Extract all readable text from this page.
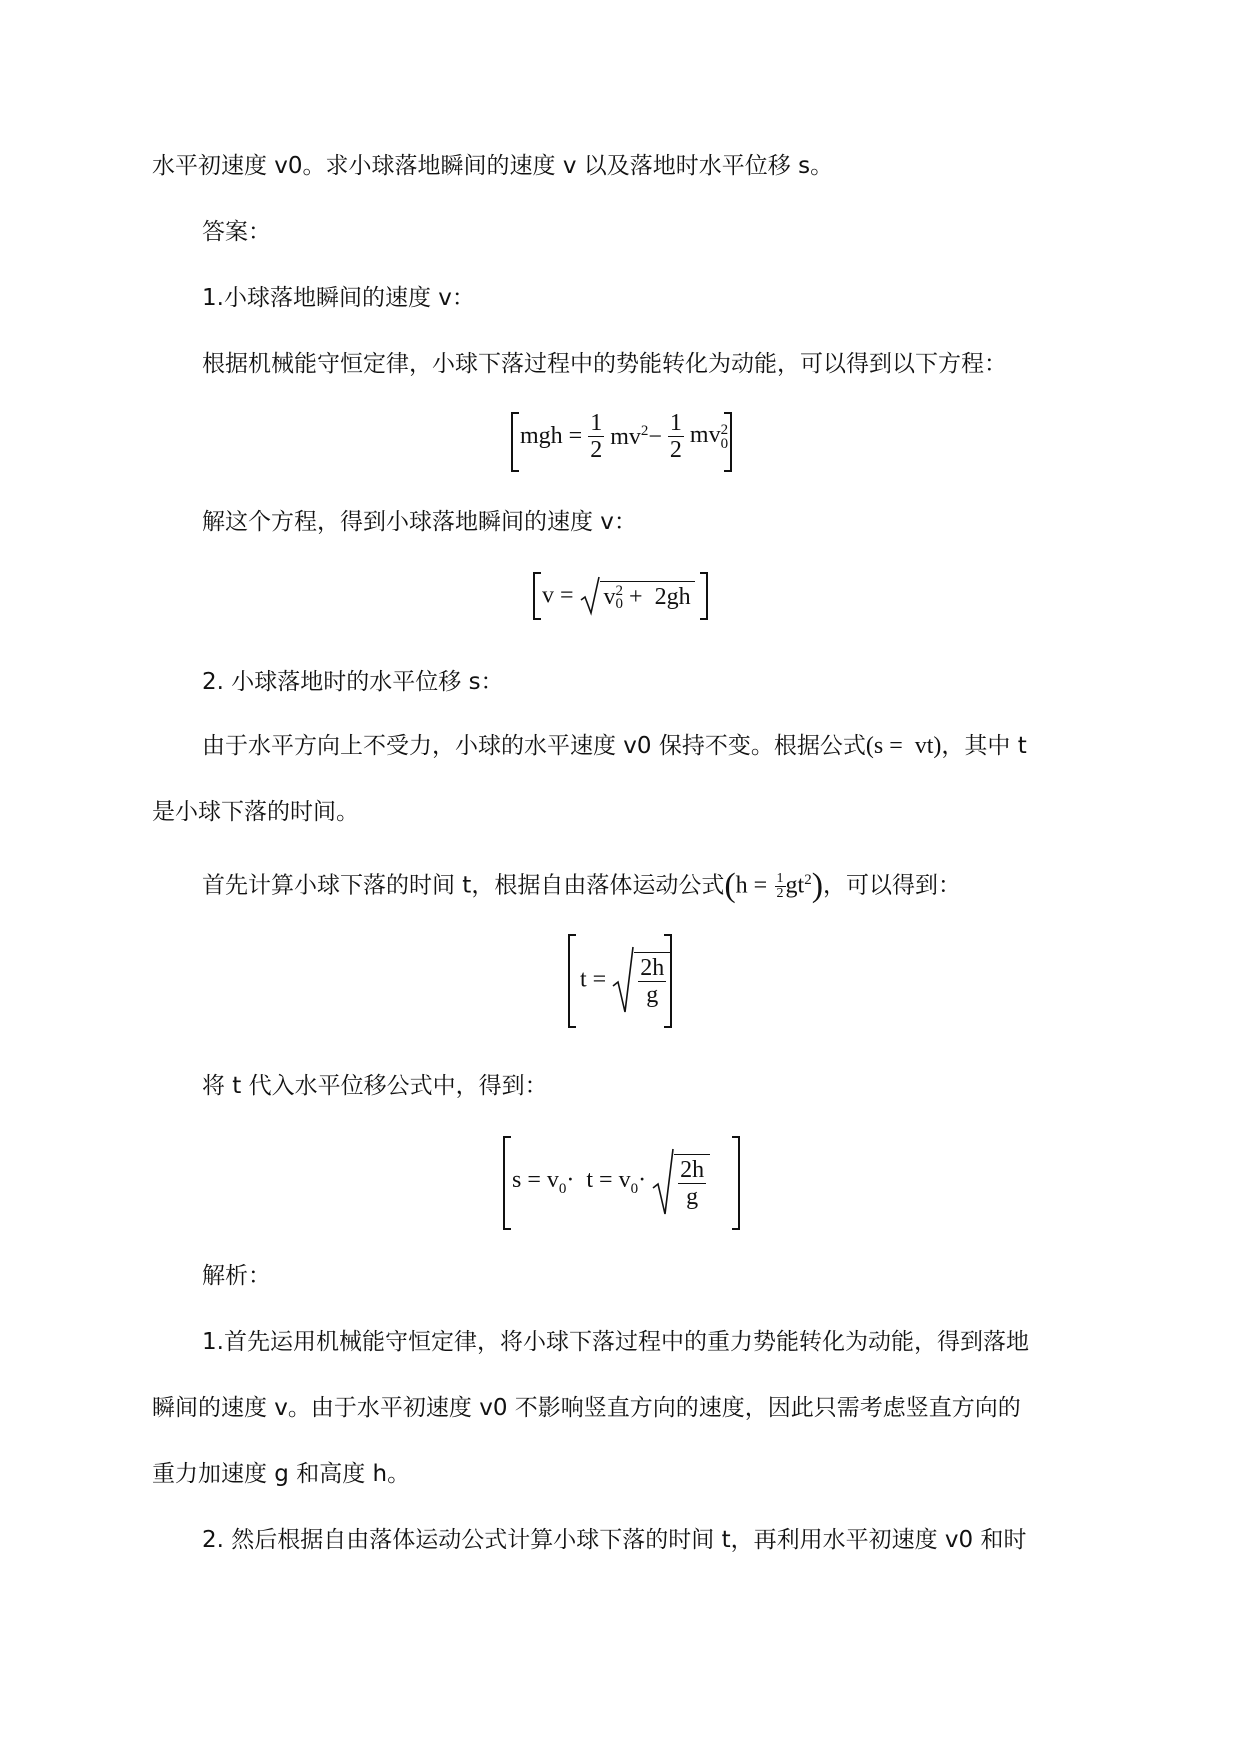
水平初速度 v0。求小球落地瞬间的速度 v 以及落地时水平位移 s。
答案：
1.小球落地瞬间的速度 v：
根据机械能守恒定律，小球下落过程中的势能转化为动能，可以得到以下方程：
mgh = $\frac{1}{2} mv^2- \frac{1}{2}$ mv 2
0
解这个方程，得到小球落地瞬间的速度 v：
v = v 2
0 +  2gh
2. 小球落地时的水平位移 s：
由于水平方向上不受力，小球的水平速度 v0 保持不变。根据公式(s =  vt)，其中 t
是小球下落的时间。
首先计算小球下落的时间 t，根据自由落体运动公式$(h = \frac{1}{2} gt^2)$，可以得到：
$t = \frac{2h}{g}$
将 t 代入水平位移公式中，得到：
$s = v_0\cdot t = v_0\cdot \frac{2h}{g}$
解析：
1.首先运用机械能守恒定律，将小球下落过程中的重力势能转化为动能，得到落地
瞬间的速度 v。由于水平初速度 v0 不影响竖直方向的速度，因此只需考虑竖直方向的
重力加速度 g 和高度 h。
2. 然后根据自由落体运动公式计算小球下落的时间 t，再利用水平初速度 v0 和时
